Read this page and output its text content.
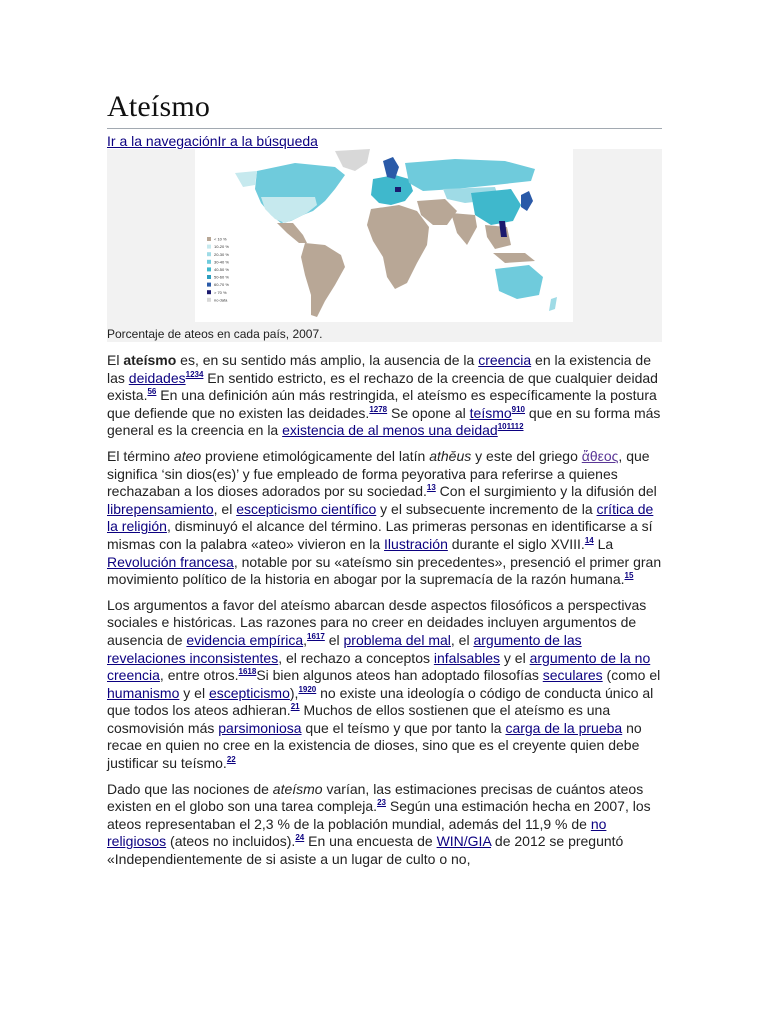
Ateísmo
Ir a la navegaciónIr a la búsqueda
< 10 %
10-20 %
20-30 %
30-40 %
40-50 %
50-60 %
60-70 %
> 70 %
no data
Porcentaje de ateos en cada país, 2007.

El ateísmo es, en su sentido más amplio, la ausencia de la creencia en la existencia de las deidades$^{1234}$ En sentido estricto, es el rechazo de la creencia de que cualquier deidad exista.$^{56}$ En una definición aún más restringida, el ateísmo es específicamente la postura que defiende que no existen las deidades.$^{1278}$ Se opone al teísmo$^{910}$ que en su forma más general es la creencia en la existencia de al menos una deidad$^{101112}$

El término ateo proviene etimológicamente del latín athĕus y este del griego ἄθεος, que significa ‘sin dios(es)’ y fue empleado de forma peyorativa para referirse a quienes rechazaban a los dioses adorados por su sociedad.$^{13}$ Con el surgimiento y la difusión del librepensamiento, el escepticismo científico y el subsecuente incremento de la crítica de la religión, disminuyó el alcance del término. Las primeras personas en identificarse a sí mismas con la palabra «ateo» vivieron en la Ilustración durante el siglo XVIII.$^{14}$ La Revolución francesa, notable por su «ateísmo sin precedentes», presenció el primer gran movimiento político de la historia en abogar por la supremacía de la razón humana.$^{15}$

Los argumentos a favor del ateísmo abarcan desde aspectos filosóficos a perspectivas sociales e históricas. Las razones para no creer en deidades incluyen argumentos de ausencia de evidencia empírica,$^{1617}$ el problema del mal, el argumento de las revelaciones inconsistentes, el rechazo a conceptos infalsables y el argumento de la no creencia, entre otros.$^{1618}$Si bien algunos ateos han adoptado filosofías seculares (como el humanismo y el escepticismo),$^{1920}$ no existe una ideología o código de conducta único al que todos los ateos adhieran.$^{21}$ Muchos de ellos sostienen que el ateísmo es una cosmovisión más parsimoniosa que el teísmo y que por tanto la carga de la prueba no recae en quien no cree en la existencia de dioses, sino que es el creyente quien debe justificar su teísmo.$^{22}$

Dado que las nociones de ateísmo varían, las estimaciones precisas de cuántos ateos existen en el globo son una tarea compleja.$^{23}$ Según una estimación hecha en 2007, los ateos representaban el 2,3 % de la población mundial, además del 11,9 % de no religiosos (ateos no incluidos).$^{24}$ En una encuesta de WIN/GIA de 2012 se preguntó «Independientemente de si asiste a un lugar de culto o no,
